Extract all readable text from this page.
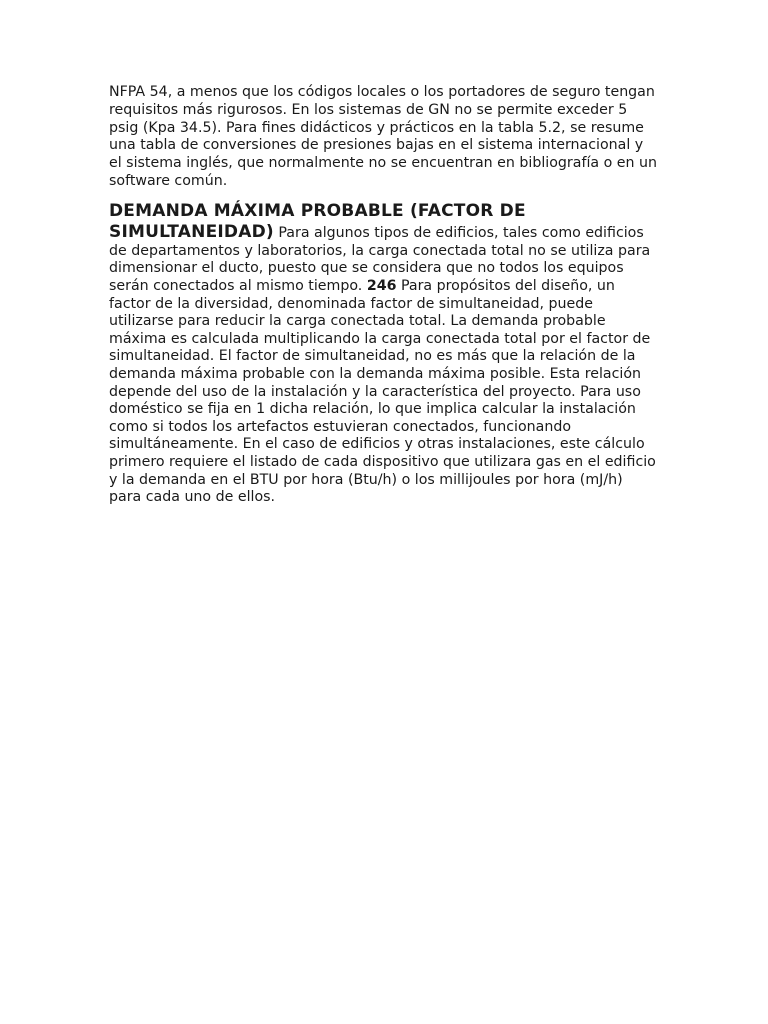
NFPA 54, a menos que los códigos locales o los portadores de seguro tengan requisitos más rigurosos. En los sistemas de GN no se permite exceder 5 psig (Kpa 34.5). Para fines didácticos y prácticos en la tabla 5.2, se resume una tabla de conversiones de presiones bajas en el sistema internacional y el sistema inglés, que normalmente no se encuentran en bibliografía o en un software común.

DEMANDA MÁXIMA PROBABLE (FACTOR DE SIMULTANEIDAD) Para algunos tipos de edificios, tales como edificios de departamentos y laboratorios, la carga conectada total no se utiliza para dimensionar el ducto, puesto que se considera que no todos los equipos serán conectados al mismo tiempo. 246 Para propósitos del diseño, un factor de la diversidad, denominada factor de simultaneidad, puede utilizarse para reducir la carga conectada total. La demanda probable máxima es calculada multiplicando la carga conectada total por el factor de simultaneidad. El factor de simultaneidad, no es más que la relación de la demanda máxima probable con la demanda máxima posible. Esta relación depende del uso de la instalación y la característica del proyecto. Para uso doméstico se fija en 1 dicha relación, lo que implica calcular la instalación como si todos los artefactos estuvieran conectados, funcionando simultáneamente. En el caso de edificios y otras instalaciones, este cálculo primero requiere el listado de cada dispositivo que utilizara gas en el edificio y la demanda en el BTU por hora (Btu/h) o los millijoules por hora (mJ/h) para cada uno de ellos.
